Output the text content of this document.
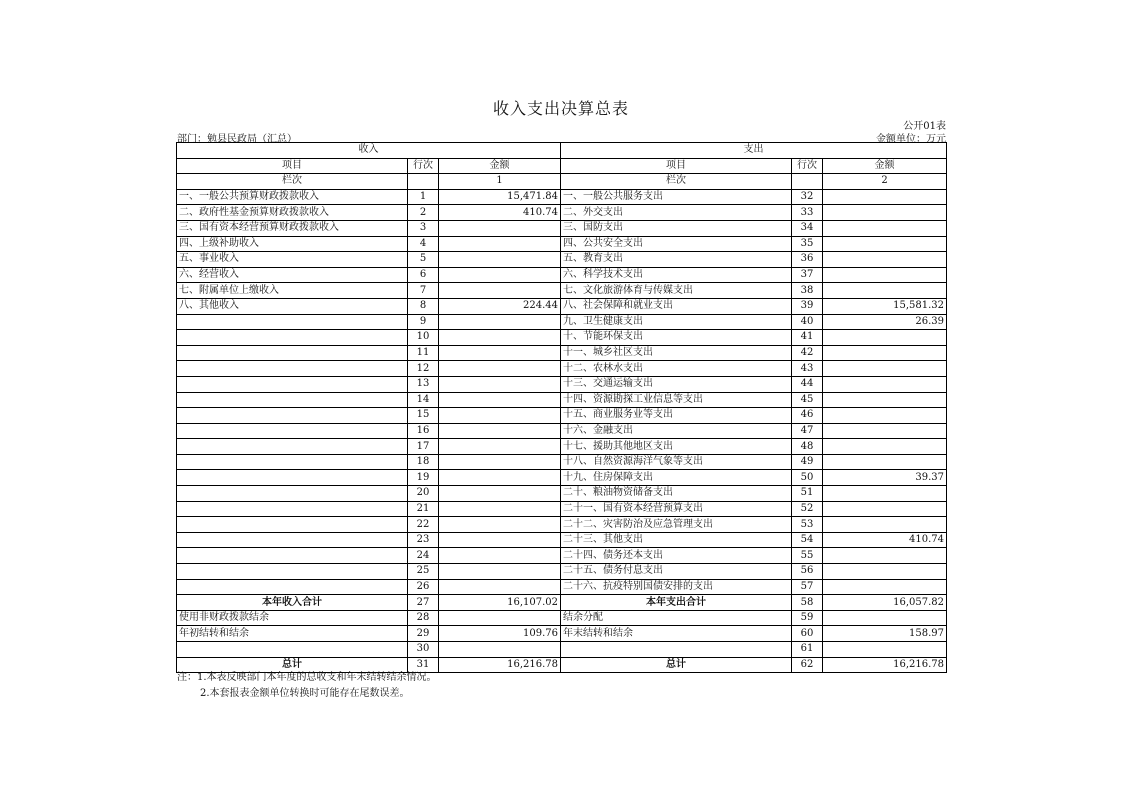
收入支出决算总表
公开01表
部门：勉县民政局（汇总）	金额单位：万元
收入			支出		
项目	行次	金额	项目	行次	金额
栏次		1	栏次		2
一、一般公共预算财政拨款收入	1	15,471.84	一、一般公共服务支出	32	
二、政府性基金预算财政拨款收入	2	410.74	二、外交支出	33	
三、国有资本经营预算财政拨款收入	3		三、国防支出	34	
四、上级补助收入	4		四、公共安全支出	35	
五、事业收入	5		五、教育支出	36	
六、经营收入	6		六、科学技术支出	37	
七、附属单位上缴收入	7		七、文化旅游体育与传媒支出	38	
八、其他收入	8	224.44	八、社会保障和就业支出	39	15,581.32
	9		九、卫生健康支出	40	26.39
	10		十、节能环保支出	41	
	11		十一、城乡社区支出	42	
	12		十二、农林水支出	43	
	13		十三、交通运输支出	44	
	14		十四、资源勘探工业信息等支出	45	
	15		十五、商业服务业等支出	46	
	16		十六、金融支出	47	
	17		十七、援助其他地区支出	48	
	18		十八、自然资源海洋气象等支出	49	
	19		十九、住房保障支出	50	39.37
	20		二十、粮油物资储备支出	51	
	21		二十一、国有资本经营预算支出	52	
	22		二十二、灾害防治及应急管理支出	53	
	23		二十三、其他支出	54	410.74
	24		二十四、债务还本支出	55	
	25		二十五、债务付息支出	56	
	26		二十六、抗疫特别国债安排的支出	57	
本年收入合计	27	16,107.02	本年支出合计	58	16,057.82
使用非财政拨款结余	28		结余分配	59	
年初结转和结余	29	109.76	年末结转和结余	60	158.97
	30			61	
总计	31	16,216.78	总计	62	16,216.78
注：1.本表反映部门本年度的总收支和年末结转结余情况。
2.本套报表金额单位转换时可能存在尾数误差。
